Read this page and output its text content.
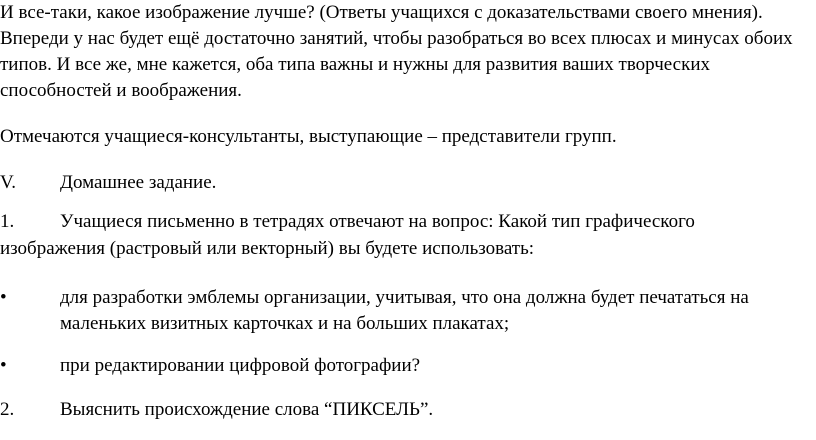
И все-таки, какое изображение лучше? (Ответы учащихся с доказательствами своего мнения). Впереди у нас будет ещё достаточно занятий, чтобы разобраться во всех плюсах и минусах обоих типов. И все же, мне кажется, оба типа важны и нужны для развития ваших творческих способностей и воображения.

Отмечаются учащиеся-консультанты, выступающие – представители групп.

V. Домашнее задание.
1. Учащиеся письменно в тетрадях отвечают на вопрос: Какой тип графического
изображения (растровый или векторный) вы будете использовать:
•	для разработки эмблемы организации, учитывая, что она должна будет печататься на маленьких визитных карточках и на больших плакатах;
•	при редактировании цифровой фотографии?
2. Выяснить происхождение слова “ПИКСЕЛЬ”.
